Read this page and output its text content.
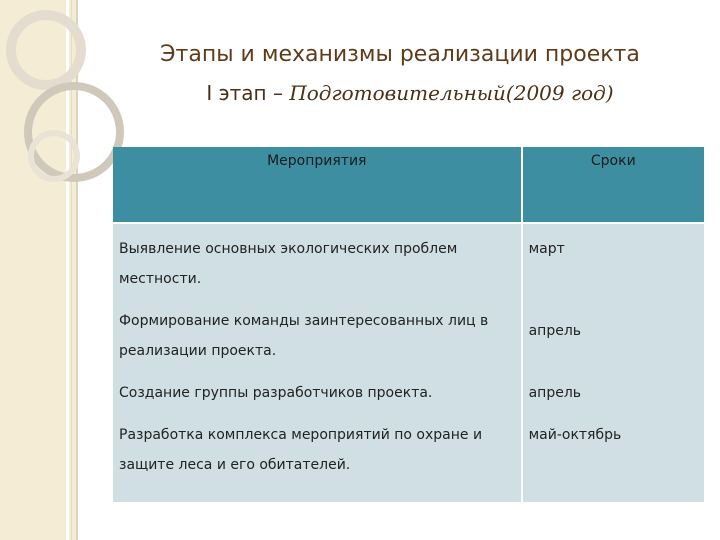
Этапы и механизмы реализации проекта
I этап – Подготовительный(2009 год)
Мероприятия	Сроки
Выявление основных экологических проблем местности.	март
Формирование команды заинтересованных лиц в реализации проекта.	апрель
Создание группы разработчиков проекта.	апрель
Разработка комплекса мероприятий по охране и защите леса и его обитателей.	май-октябрь
